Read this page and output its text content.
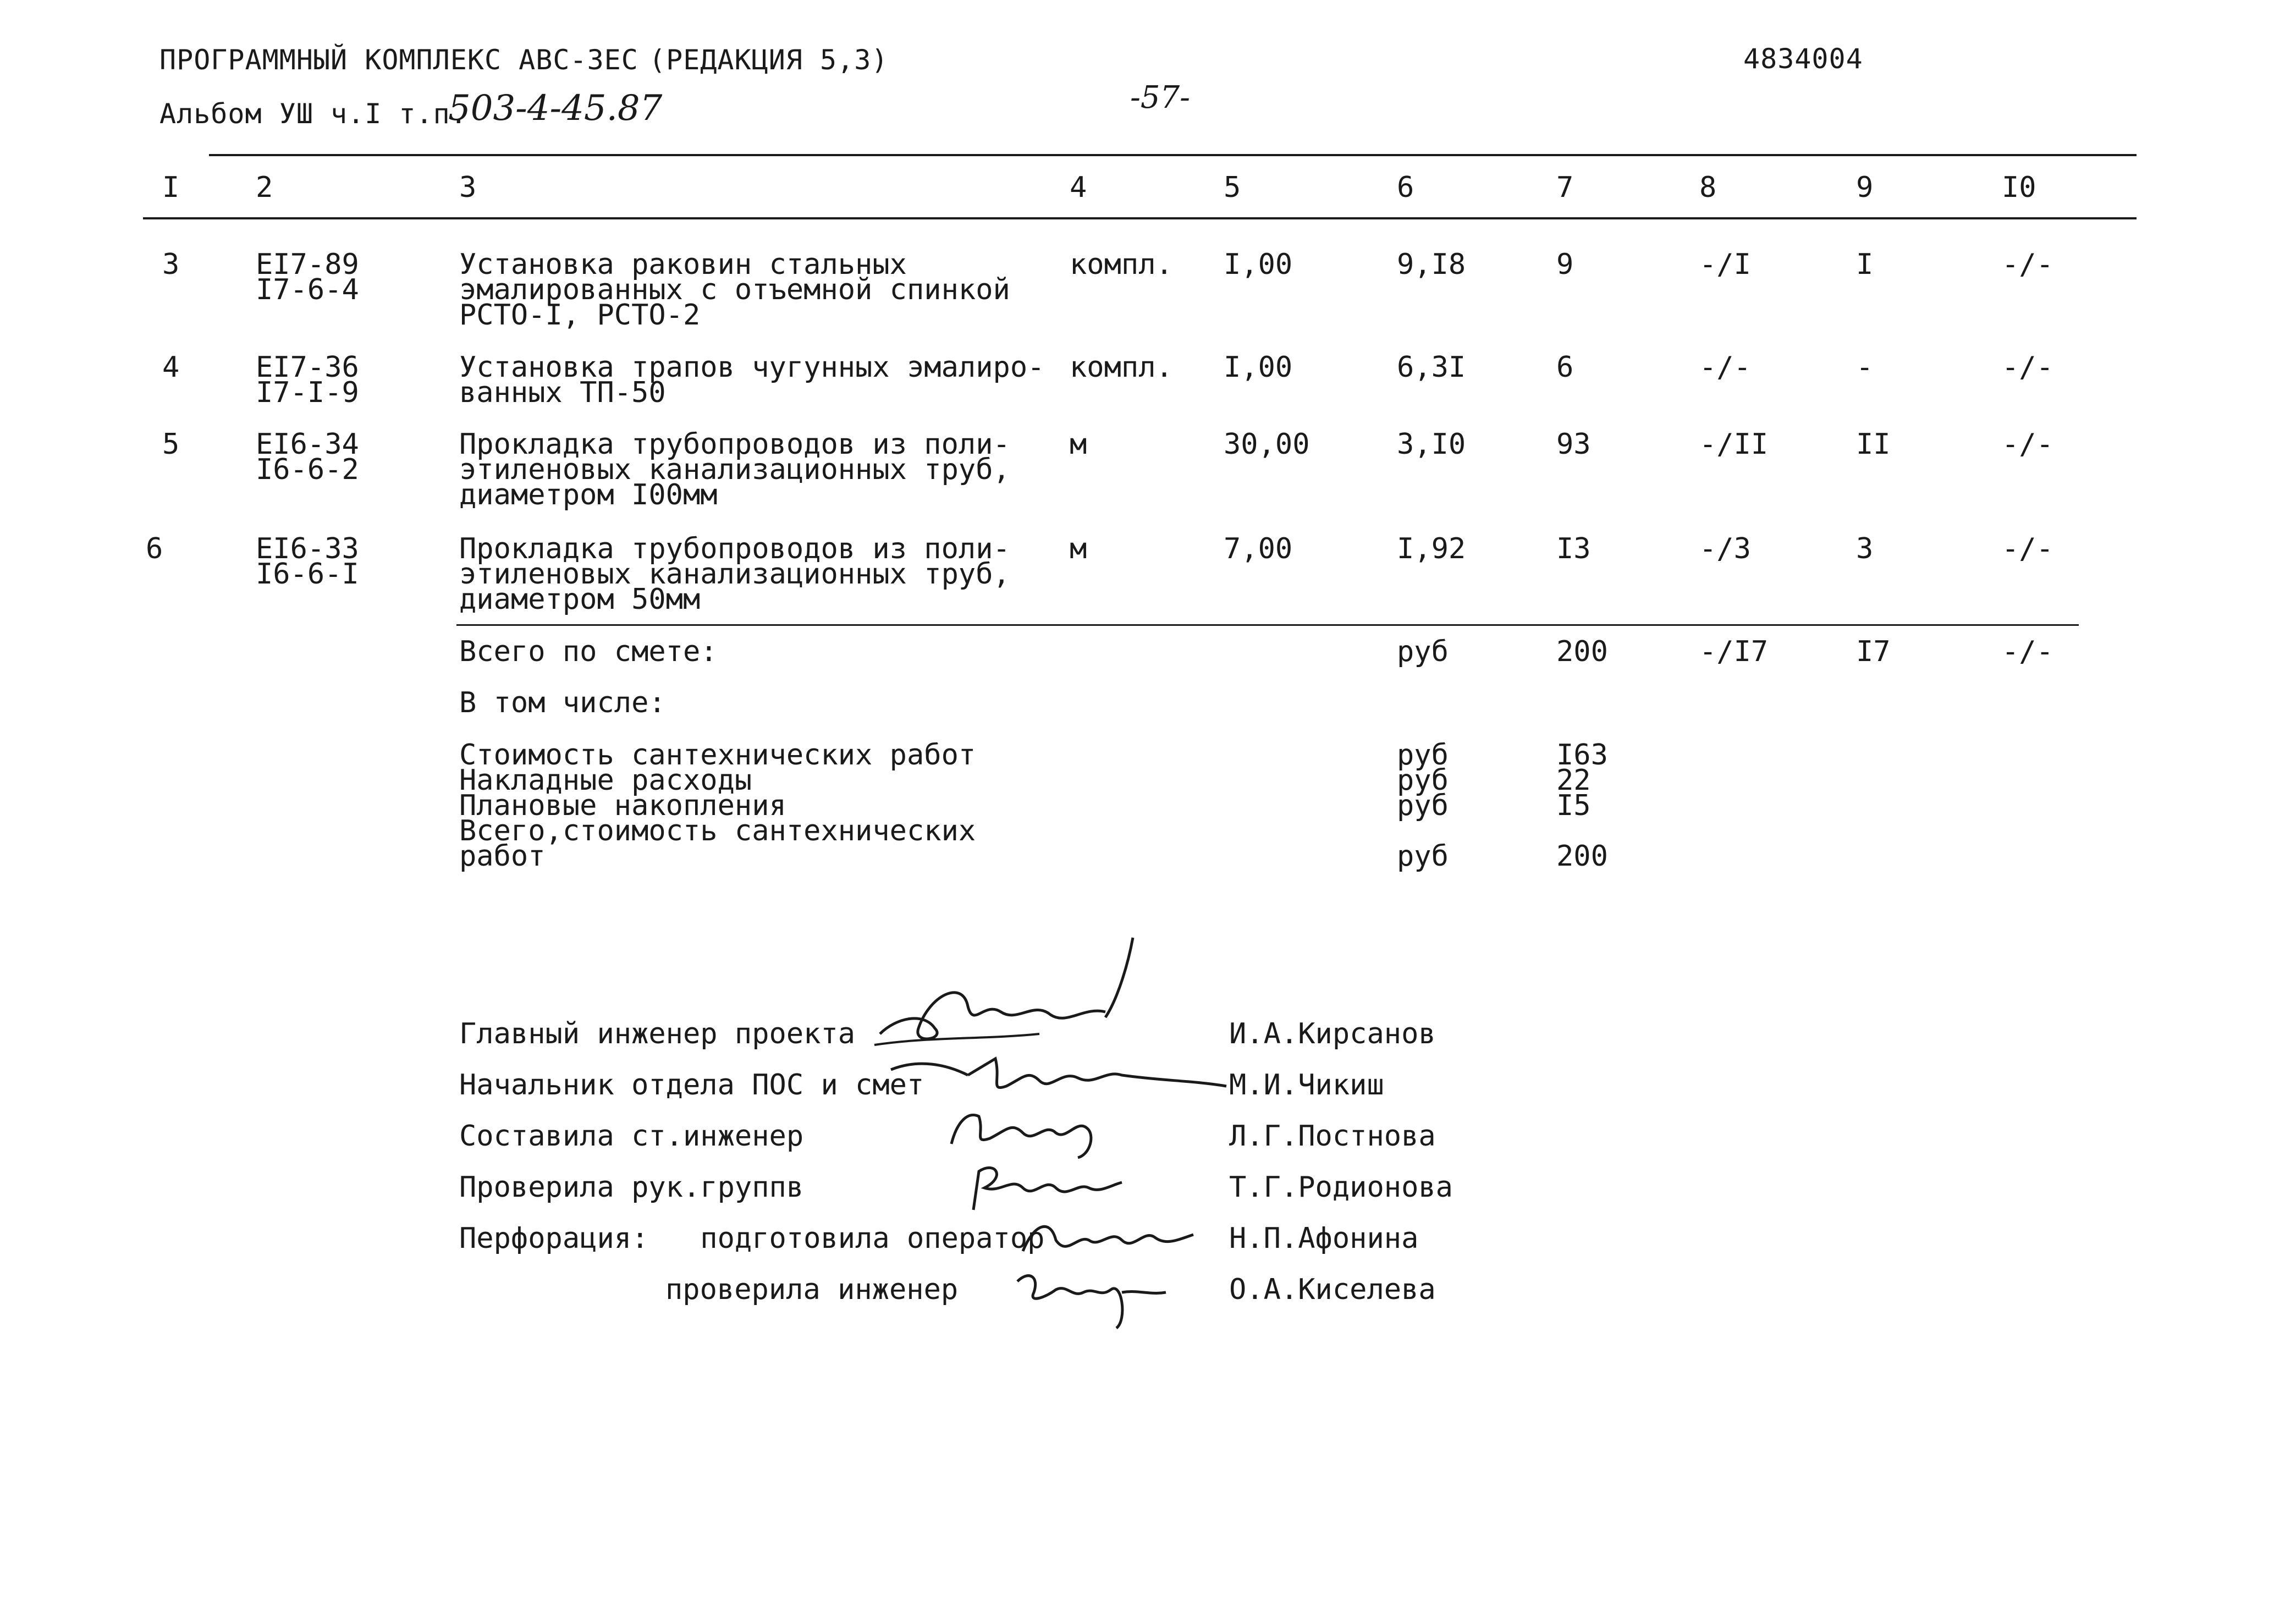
ПРОГРАММНЫЙ КОМПЛЕКС АВС-ЗЕС (РЕДАКЦИЯ 5,3)	4834004
Альбом УШ ч.I т.п.
503-4-45.87	-57-
I	2	3	4	5	6	7	8	9	I0
3	EI7-89
I7-6-4
Установка раковин стальных
эмалированных с отъемной спинкой
РСТО-I, РСТО-2
компл. I,00	9,I8	9	-/I	I	-/-
4	EI7-36
I7-I-9
Установка трапов чугунных эмалиро-
ванных ТП-50
компл. I,00	6,3I	6	-/-	-	-/-
5	EI6-34
I6-6-2
Прокладка трубопроводов из поли-
этиленовых канализационных труб,
диаметром I00мм
м	30,00	3,I0	93	-/II	II	-/-
6	EI6-33
I6-6-I
Прокладка трубопроводов из поли-
этиленовых канализационных труб,
диаметром 50мм
м	7,00	I,92	I3	-/3	3	-/-
Всего по смете:	руб	200	-/I7	I7	-/-
В том числе:
Стоимость сантехнических работ	руб	I63
Накладные расходы	руб	22
Плановые накопления	руб	I5
Всего,стоимость сантехнических
работ	руб	200
Главный инженер проекта	И.А.Кирсанов
Начальник отдела ПОС и смет	М.И.Чикиш
Составила ст.инженер	Л.Г.Постнова
Проверила рук.группв	Т.Г.Родионова
Перфорация:   подготовила оператор	Н.П.Афонина
проверила инженер	О.А.Киселева
